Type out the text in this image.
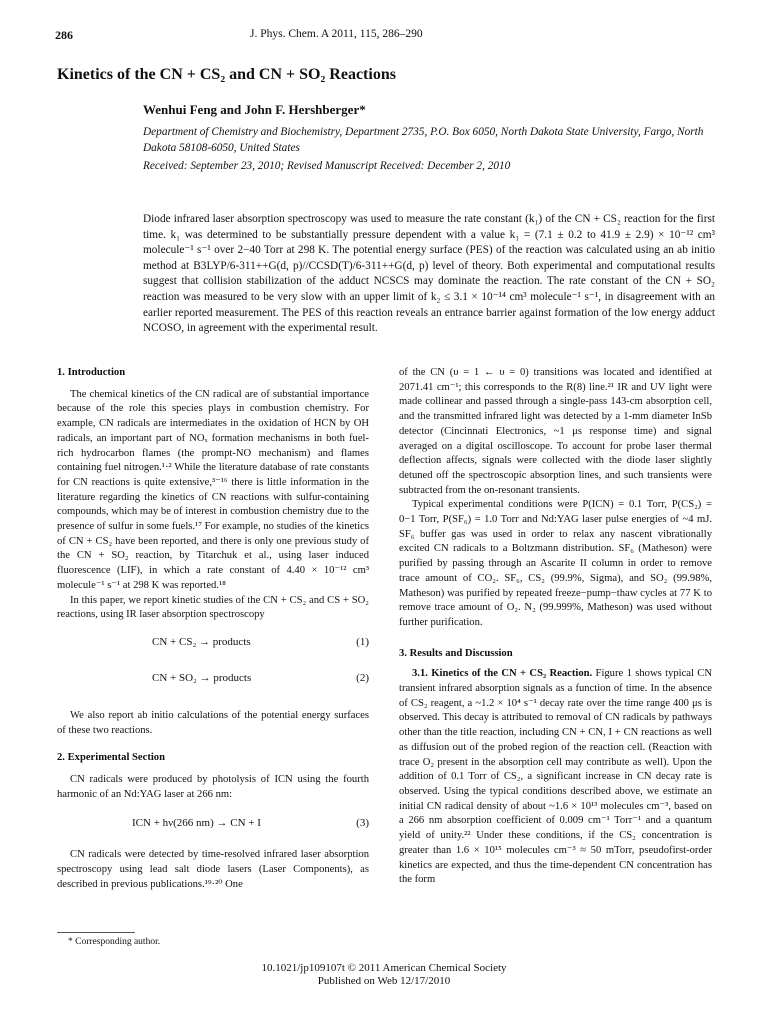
286	J. Phys. Chem. A 2011, 115, 286–290
Kinetics of the CN + CS₂ and CN + SO₂ Reactions
Wenhui Feng and John F. Hershberger*
Department of Chemistry and Biochemistry, Department 2735, P.O. Box 6050, North Dakota State University, Fargo, North Dakota 58108-6050, United States
Received: September 23, 2010; Revised Manuscript Received: December 2, 2010
Diode infrared laser absorption spectroscopy was used to measure the rate constant (k₁) of the CN + CS₂ reaction for the first time. k₁ was determined to be substantially pressure dependent with a value k₁ = (7.1 ± 0.2 to 41.9 ± 2.9) × 10⁻¹² cm³ molecule⁻¹ s⁻¹ over 2−40 Torr at 298 K. The potential energy surface (PES) of the reaction was calculated using an ab initio method at B3LYP/6-311++G(d, p)//CCSD(T)/6-311++G(d, p) level of theory. Both experimental and computational results suggest that collision stabilization of the adduct NCSCS may dominate the reaction. The rate constant of the CN + SO₂ reaction was measured to be very slow with an upper limit of k₂ ≤ 3.1 × 10⁻¹⁴ cm³ molecule⁻¹ s⁻¹, in disagreement with an earlier reported measurement. The PES of this reaction reveals an entrance barrier against formation of the low energy adduct NCOSO, in agreement with the experimental result.
1. Introduction

The chemical kinetics of the CN radical are of substantial importance because of the role this species plays in combustion chemistry. For example, CN radicals are intermediates in the oxidation of HCN by OH radicals, an important part of NOₓ formation mechanisms in both fuel-rich hydrocarbon flames (the prompt-NO mechanism) and flames containing fuel nitrogen.¹·² While the literature database of rate constants for CN reactions is quite extensive,³⁻¹⁶ there is little information in the literature regarding the kinetics of CN reactions with sulfur-containing compounds, which may be of interest in combustion chemistry due to the presence of sulfur in some fuels.¹⁷ For example, no studies of the kinetics of CN + CS₂ have been reported, and there is only one previous study of the CN + SO₂ reaction, by Titarchuk et al., using laser induced fluorescence (LIF), in which a rate constant of 4.40 × 10⁻¹² cm³ molecule⁻¹ s⁻¹ at 298 K was reported.¹⁸

In this paper, we report kinetic studies of the CN + CS₂ and CS + SO₂ reactions, using IR laser absorption spectroscopy

CN + CS₂ → products	(1)
CN + SO₂ → products	(2)

We also report ab initio calculations of the potential energy surfaces of these two reactions.

2. Experimental Section

CN radicals were produced by photolysis of ICN using the fourth harmonic of an Nd:YAG laser at 266 nm:

ICN + hν(266 nm) → CN + I	(3)

CN radicals were detected by time-resolved infrared laser absorption spectroscopy using lead salt diode lasers (Laser Components), as described in previous publications.¹⁹·²⁰ One

of the CN (υ = 1 ← υ = 0) transitions was located and identified at 2071.41 cm⁻¹; this corresponds to the R(8) line.²¹ IR and UV light were made collinear and passed through a single-pass 143-cm absorption cell, and the transmitted infrared light was detected by a 1-mm diameter InSb detector (Cincinnati Electronics, ~1 μs response time) and signal averaged on a digital oscilloscope. To account for probe laser thermal deflection affects, signals were collected with the diode laser slightly detuned off the spectroscopic absorption lines, and such transients were subtracted from the on-resonant transients.

Typical experimental conditions were P(ICN) = 0.1 Torr, P(CS₂) = 0−1 Torr, P(SF₆) = 1.0 Torr and Nd:YAG laser pulse energies of ~4 mJ. SF₆ buffer gas was used in order to relax any nascent vibrationally excited CN radicals to a Boltzmann distribution. SF₆ (Matheson) were purified by passing through an Ascarite II column in order to remove trace amount of CO₂. SF₆, CS₂ (99.9%, Sigma), and SO₂ (99.98%, Matheson) was purified by repeated freeze−pump−thaw cycles at 77 K to remove trace amount of O₂. N₂ (99.999%, Matheson) was used without further purification.

3. Results and Discussion

3.1. Kinetics of the CN + CS₂ Reaction. Figure 1 shows typical CN transient infrared absorption signals as a function of time. In the absence of CS₂ reagent, a ~1.2 × 10⁴ s⁻¹ decay rate over the time range 400 μs is observed. This decay is attributed to removal of CN radicals by pathways other than the title reaction, including CN + CN, I + CN reactions as well as diffusion out of the probed region of the reaction cell. (Reaction with trace O₂ present in the absorption cell may contribute as well). Upon the addition of 0.1 Torr of CS₂, a significant increase in CN decay rate is observed. Using the typical conditions described above, we estimate an initial CN radical density of about ~1.6 × 10¹³ molecules cm⁻³, based on a 266 nm absorption coefficient of 0.009 cm⁻¹ Torr⁻¹ and a quantum yield of unity.²² Under these conditions, if the CS₂ concentration is greater than 1.6 × 10¹⁵ molecules cm⁻³ ≈ 50 mTorr, pseudofirst-order kinetics are expected, and thus the time-dependent CN concentration has the form

* Corresponding author.
10.1021/jp109107t © 2011 American Chemical Society
Published on Web 12/17/2010
